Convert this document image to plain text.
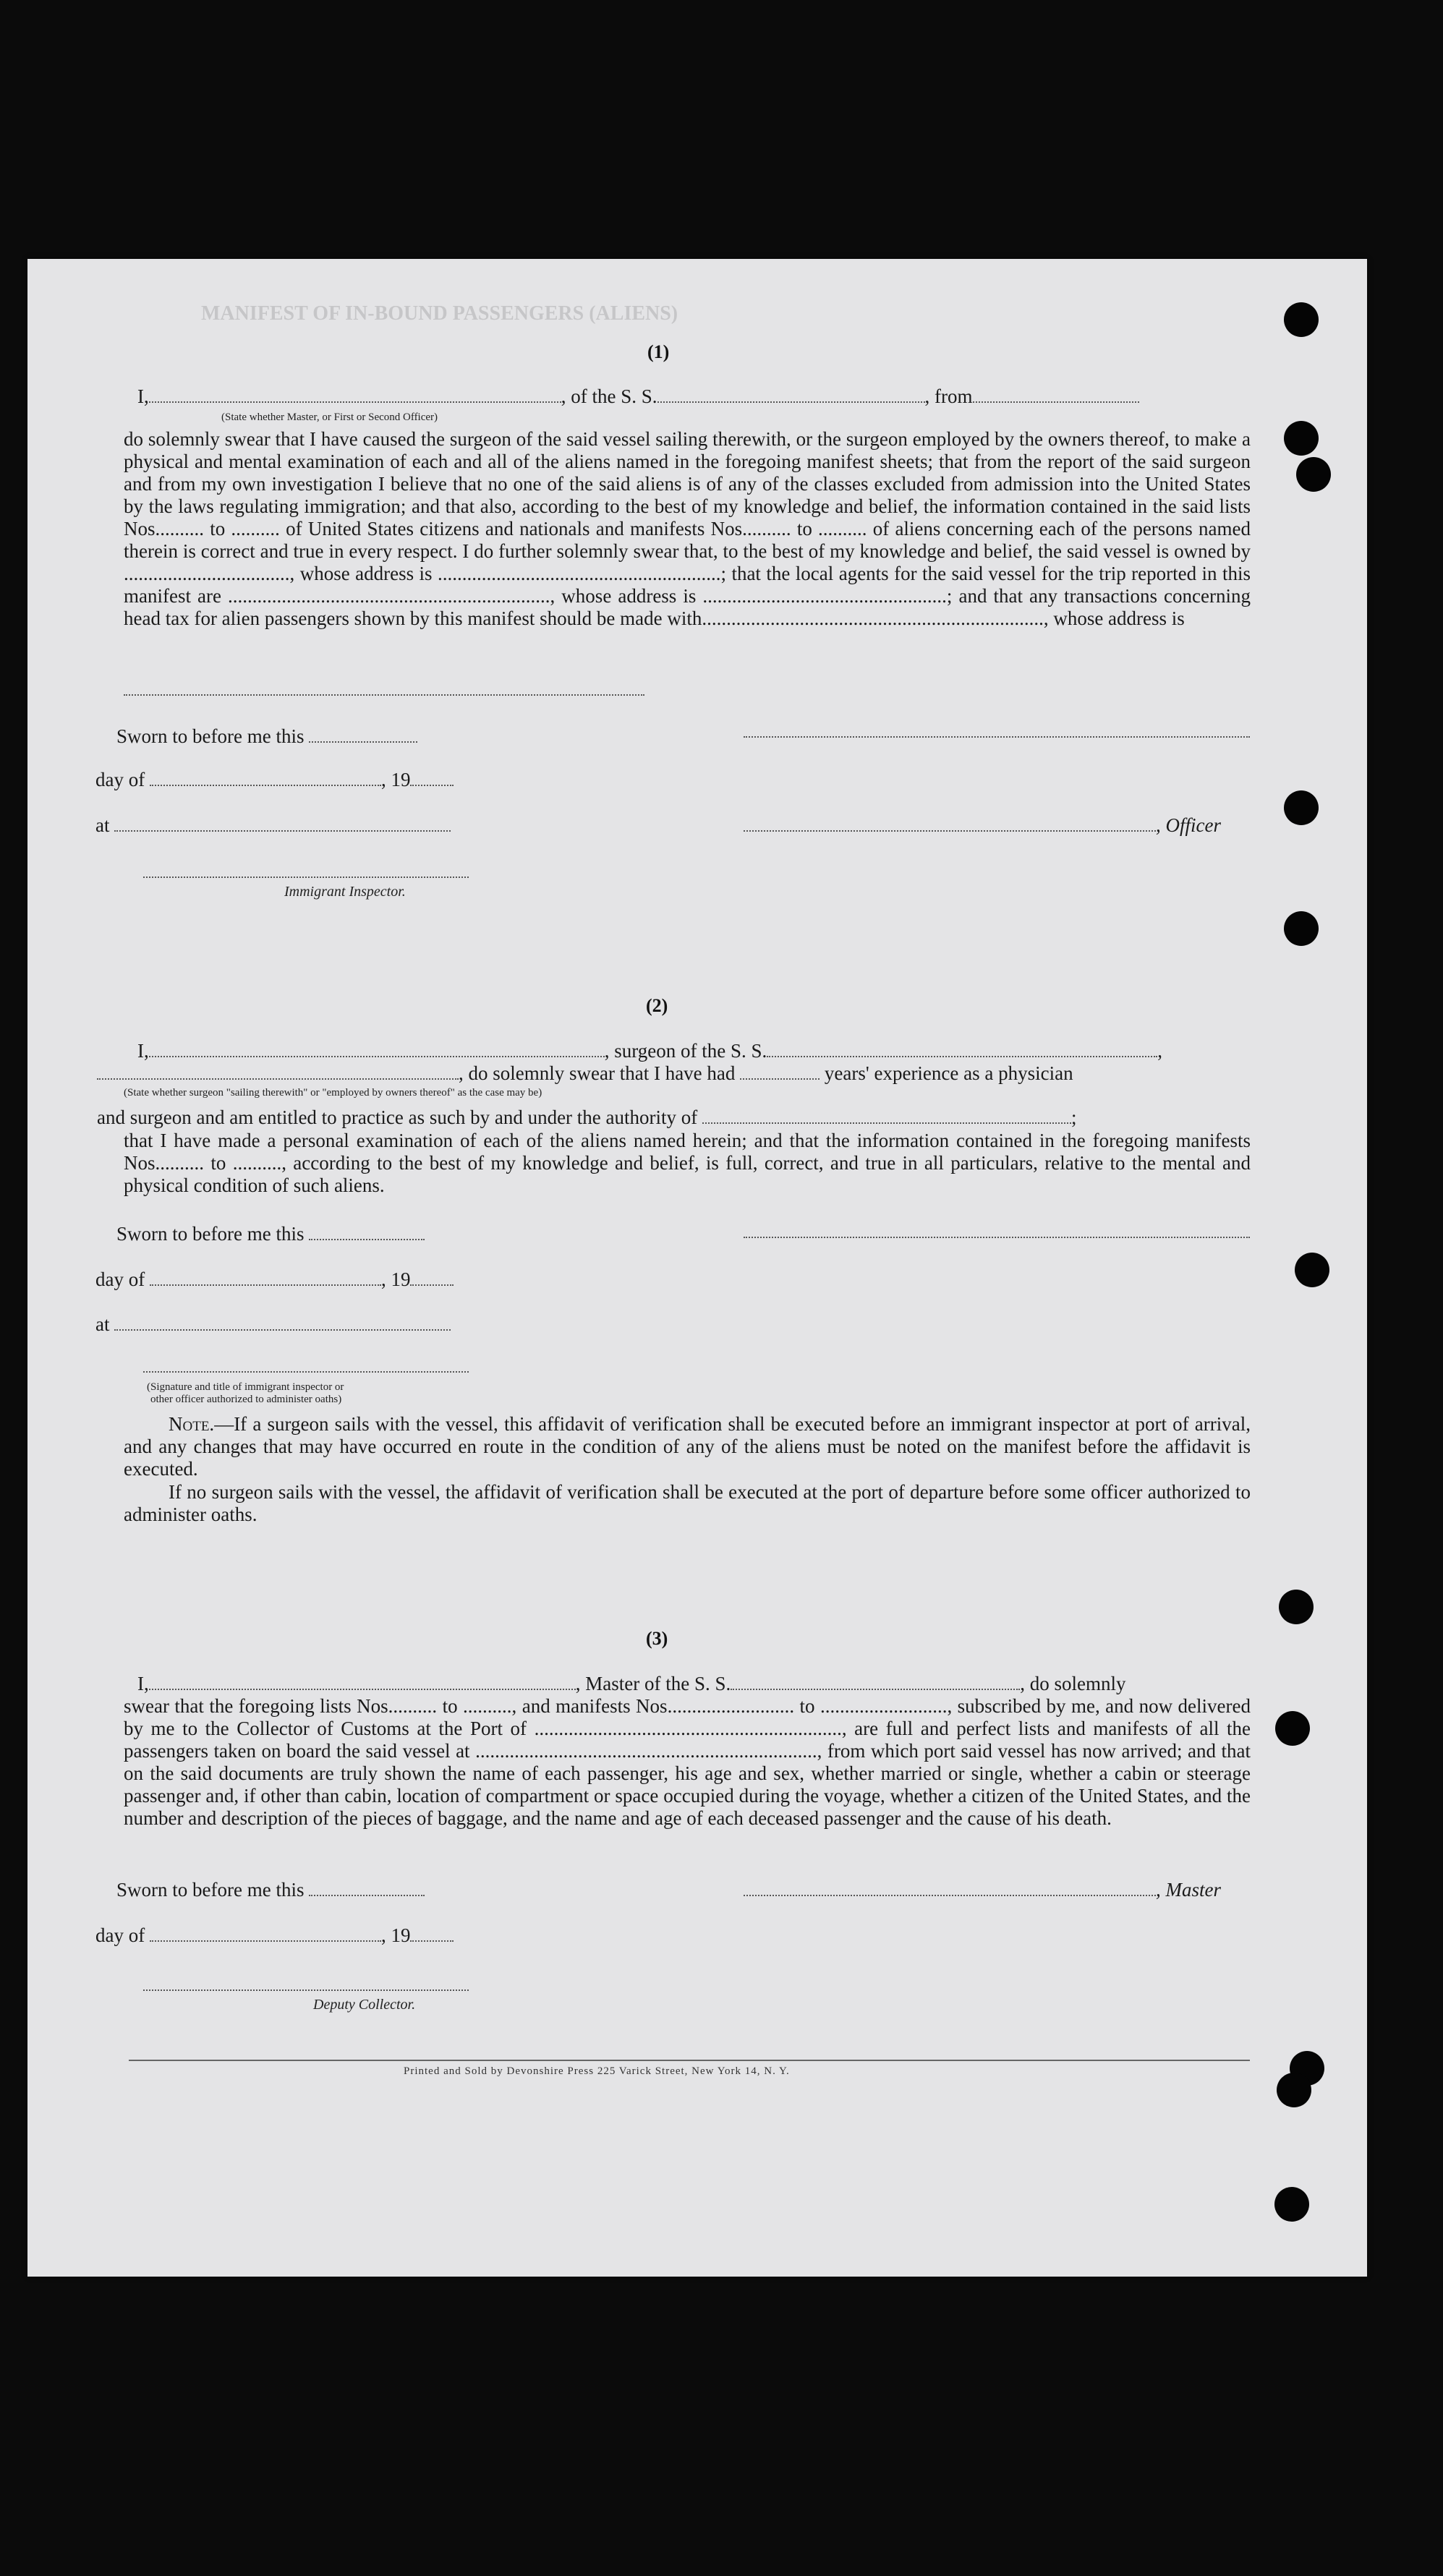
MANIFEST OF IN-BOUND PASSENGERS (ALIENS)
(1)
I,	, of the S. S.	, from
(State whether Master, or First or Second Officer)
do solemnly swear that I have caused the surgeon of the said vessel sailing therewith, or the surgeon employed by the owners thereof, to make a physical and mental examination of each and all of the aliens named in the foregoing manifest sheets; that from the report of the said surgeon and from my own investigation I believe that no one of the said aliens is of any of the classes excluded from admission into the United States by the laws regulating immigration; and that also, according to the best of my knowledge and belief, the information contained in the said lists Nos.......... to .......... of United States citizens and nationals and manifests Nos.......... to .......... of aliens concerning each of the persons named therein is correct and true in every respect. I do further solemnly swear that, to the best of my knowledge and belief, the said vessel is owned by .................................., whose address is ..........................................................; that the local agents for the said vessel for the trip reported in this manifest are .................................................................., whose address is ..................................................; and that any transactions concerning head tax for alien passengers shown by this manifest should be made with......................................................................, whose address is
Sworn to before me this
day of	, 19
at	, Officer
Immigrant Inspector.
(2)
I,	, surgeon of the S. S.	,
, do solemnly swear that I have had	years' experience as a physician
(State whether surgeon "sailing therewith" or "employed by owners thereof" as the case may be)
and surgeon and am entitled to practice as such by and under the authority of	;
that I have made a personal examination of each of the aliens named herein; and that the information contained in the foregoing manifests Nos.......... to .........., according to the best of my knowledge and belief, is full, correct, and true in all particulars, relative to the mental and physical condition of such aliens.
Sworn to before me this
day of	, 19
at
(Signature and title of immigrant inspector or
other officer authorized to administer oaths)
Note.—If a surgeon sails with the vessel, this affidavit of verification shall be executed before an immigrant inspector at port of arrival, and any changes that may have occurred en route in the condition of any of the aliens must be noted on the manifest before the affidavit is executed.
If no surgeon sails with the vessel, the affidavit of verification shall be executed at the port of departure before some officer authorized to administer oaths.
(3)
I,	, Master of the S. S.	, do solemnly
swear that the foregoing lists Nos.......... to .........., and manifests Nos.......................... to .........................., subscribed by me, and now delivered by me to the Collector of Customs at the Port of ..............................................................., are full and perfect lists and manifests of all the passengers taken on board the said vessel at ......................................................................, from which port said vessel has now arrived; and that on the said documents are truly shown the name of each passenger, his age and sex, whether married or single, whether a cabin or steerage passenger and, if other than cabin, location of compartment or space occupied during the voyage, whether a citizen of the United States, and the number and description of the pieces of baggage, and the name and age of each deceased passenger and the cause of his death.
Sworn to before me this	, Master
day of	, 19
Deputy Collector.
Printed and Sold by Devonshire Press 225 Varick Street, New York 14, N. Y.
